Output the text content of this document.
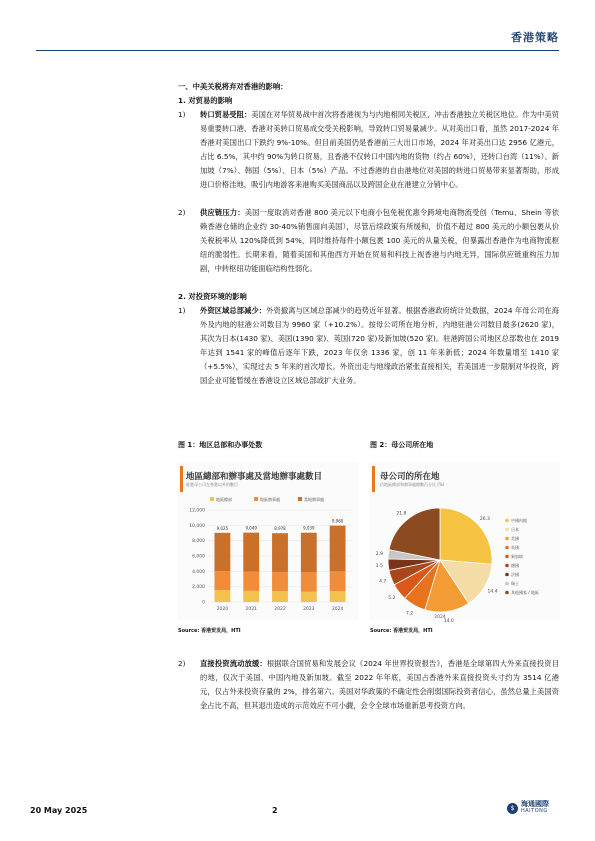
香港策略
一、中美关税将弃对香港的影响：
1. 对贸易的影响
1)	转口贸易受阻：美国在对华贸易战中首次将香港视为与内地相同关税区，冲击香港独立关税区地位。作为中美贸易重要转口港、香港对美转口贸易成交受关税影响，导致转口贸易量减少。从对美出口看，虽然 2017-2024 年香港对美国出口下跌约 9%-10%。但目前美国仍是香港前三大出口市场，2024 年对美出口达 2956 亿港元，占比 6.5%，其中约 90%为转口贸易，且香港不仅转口中国内地的货物（约占 60%），还转口台湾（11%）、新加坡（7%）、韩国（5%）、日本（5%）产品。不过香港的自由港地位对美国的转进口贸易带来显著帮助，形成进口价格洼地，吸引内地游客来港购买美国商品以及跨国企业在港建立分销中心。
2)	供应链压力：美国一度取消对香港 800 美元以下电商小包免税优惠令跨境电商物流受创（Temu、Shein 等依赖香港仓储的企业约 30-40%销售面向美国），尽管后续政策有所缓和，价值不超过 800 美元的小额包裹从价关税税率从 120%降低到 54%，同时维持每件小额包裹 100 美元的从量关税，但暴露出香港作为电商物流枢纽的脆弱性。长期来看，随着美国和其他西方开始在贸易和科技上视香港与内地无异，国际供应链重构压力加剧，中转枢纽功能面临结构性弱化。
2. 对投资环境的影响
1)	外资区域总部减少：外资撤离与区域总部减少的趋势近年显著。根据香港政府统计处数据，2024 年母公司在海外及内地的驻港公司数目为 9960 家（+10.2%）。按母公司所在地分析，内地驻港公司数目最多(2620 家)，其次为日本(1430 家)、美国(1390 家)、英国(720 家)及新加坡(520 家)。驻港跨国公司地区总部数也在 2019 年达到 1541 家的峰值后逐年下跌，2023 年仅余 1336 家，创 11 年来新低；2024 年数量增至 1410 家（+5.5%），实现过去 5 年来的首次增长。外资出走与地缘政治紧张直接相关，若美国进一步限制对华投资，跨国企业可能暂缓在香港设立区域总部或扩大业务。
图 1：地区总部和办事处数	图 2：母公司所在地
地區總部和辦事處及當地辦事處數目
駐港母公司在香港以外的數目
地區總部	地區辦事處	當地辦事處
0
2,000
4,000
6,000
8,000
10,000
12,000
9,025
2020
9,049
2021
8,978
2022
9,039
2023
9,960
2024
母公司的所在地
佔地區總部和辦事處總數百分比 (%)
26.3
14.4
14.0
7.2
5.2
4.7
3.5
2.9
21.8
2024
中國內地
日本
美國
英國
新加坡
德國
法國
瑞士
其他國家 / 地區
Source: 香港贸发局，HTI	Source: 香港贸发局，HTI
2)	直接投资流动放缓：根据联合国贸易和发展会议《2024 年世界投资报告》，香港是全球第四大外来直接投资目的地，仅次于美国、中国内地及新加坡。截至 2022 年年底，美国占香港外来直接投资头寸约为 3514 亿港元，仅占外来投资存量的 2%，排名第六。美国对华政策的不确定性会削弱国际投资者信心，虽然总量上美国资金占比不高，但其退出造成的示范效应不可小觑，会令全球市场重新思考投资方向。
20 May 2025	2	$ 海通國際
HAITONG
